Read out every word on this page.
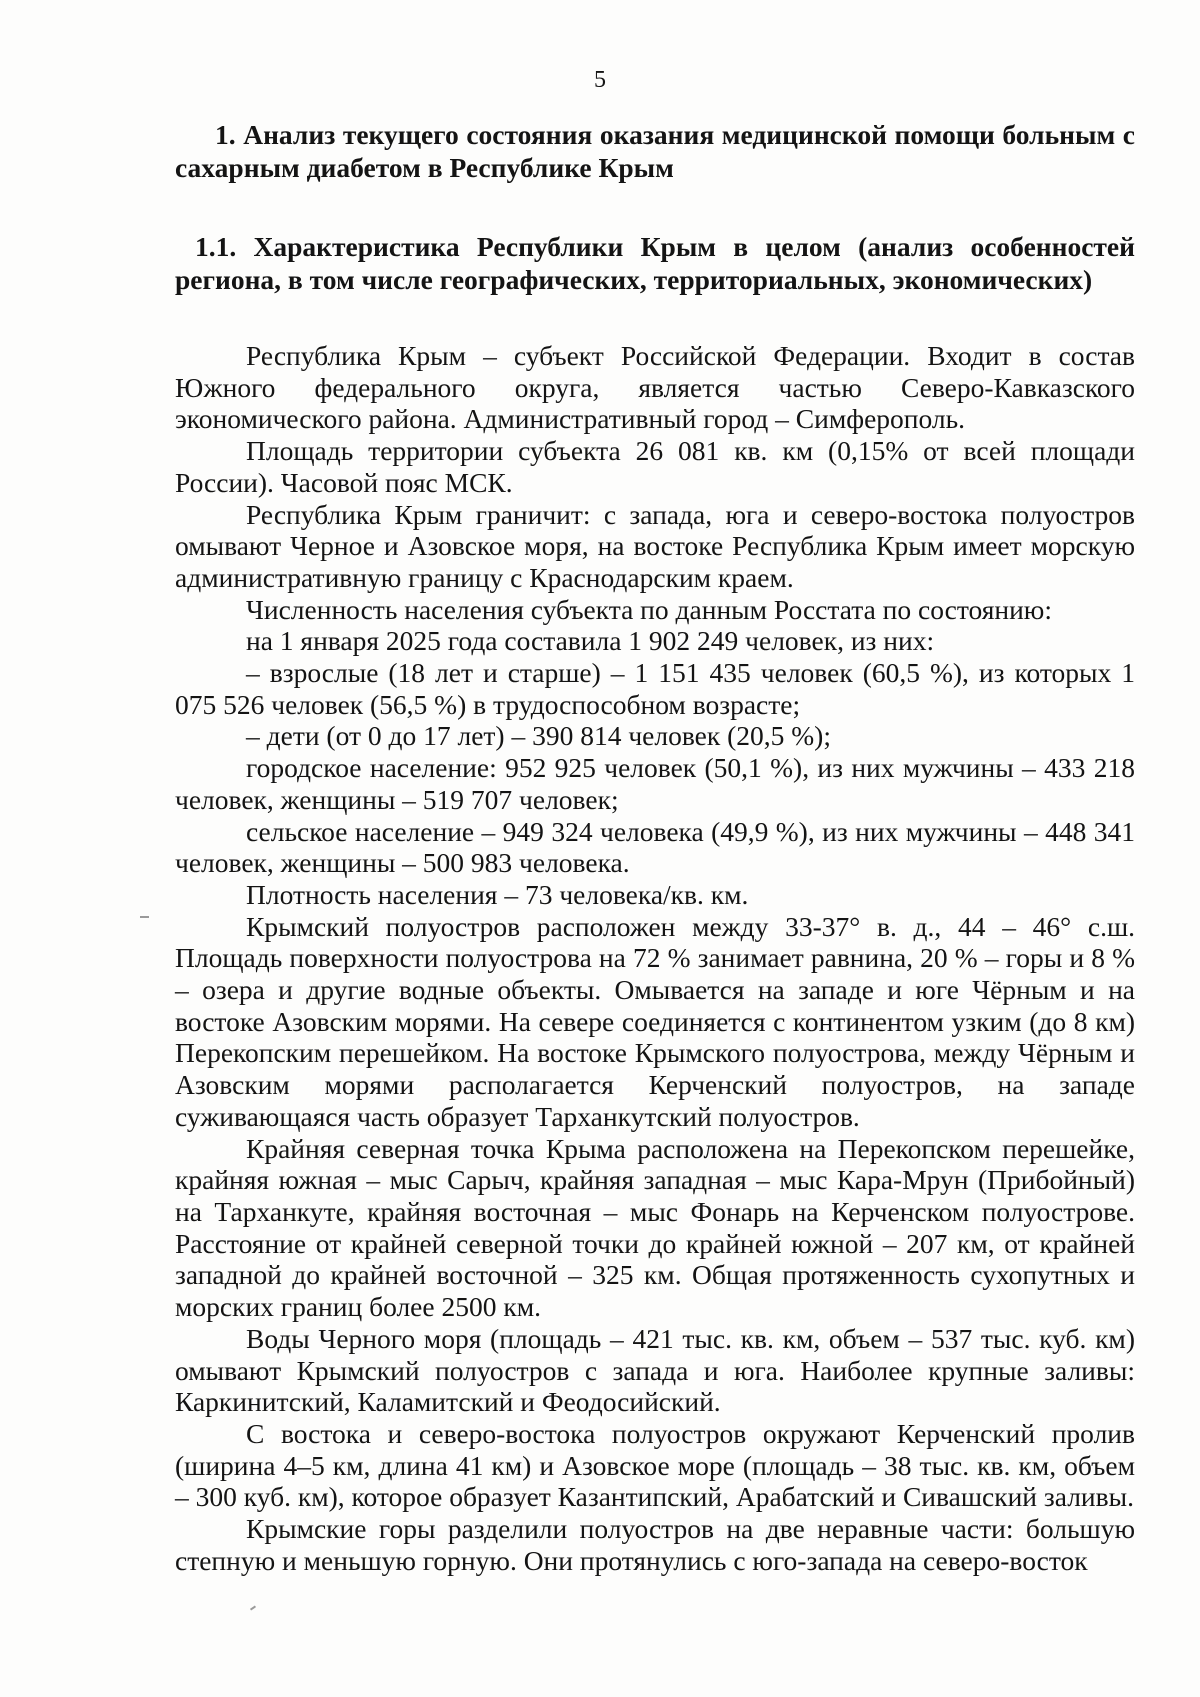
5

1. Анализ текущего состояния оказания медицинской помощи больным с сахарным диабетом в Республике Крым

1.1. Характеристика Республики Крым в целом (анализ особенностей региона, в том числе географических, территориальных, экономических)

Республика Крым – субъект Российской Федерации. Входит в состав Южного федерального округа, является частью Северо-Кавказского экономического района. Административный город – Симферополь.

Площадь территории субъекта 26 081 кв. км (0,15% от всей площади России). Часовой пояс МСК.

Республика Крым граничит: с запада, юга и северо-востока полуостров омывают Черное и Азовское моря, на востоке Республика Крым имеет морскую административную границу с Краснодарским краем.

Численность населения субъекта по данным Росстата по состоянию:

на 1 января 2025 года составила 1 902 249 человек, из них:

– взрослые (18 лет и старше) – 1 151 435 человек (60,5 %), из которых 1 075 526 человек (56,5 %) в трудоспособном возрасте;

– дети (от 0 до 17 лет) – 390 814 человек (20,5 %);

городское население: 952 925 человек (50,1 %), из них мужчины – 433 218 человек, женщины – 519 707 человек;

сельское население – 949 324 человека (49,9 %), из них мужчины – 448 341 человек, женщины – 500 983 человека.

Плотность населения – 73 человека/кв. км.

Крымский полуостров расположен между 33-37° в. д., 44 – 46° с.ш. Площадь поверхности полуострова на 72 % занимает равнина, 20 % – горы и 8 % – озера и другие водные объекты. Омывается на западе и юге Чёрным и на востоке Азовским морями. На севере соединяется с континентом узким (до 8 км) Перекопским перешейком. На востоке Крымского полуострова, между Чёрным и Азовским морями располагается Керченский полуостров, на западе суживающаяся часть образует Тарханкутский полуостров.

Крайняя северная точка Крыма расположена на Перекопском перешейке, крайняя южная – мыс Сарыч, крайняя западная – мыс Кара-Мрун (Прибойный) на Тарханкуте, крайняя восточная – мыс Фонарь на Керченском полуострове. Расстояние от крайней северной точки до крайней южной – 207 км, от крайней западной до крайней восточной – 325 км. Общая протяженность сухопутных и морских границ более 2500 км.

Воды Черного моря (площадь – 421 тыс. кв. км, объем – 537 тыс. куб. км) омывают Крымский полуостров с запада и юга. Наиболее крупные заливы: Каркинитский, Каламитский и Феодосийский.

С востока и северо-востока полуостров окружают Керченский пролив (ширина 4–5 км, длина 41 км) и Азовское море (площадь – 38 тыс. кв. км, объем – 300 куб. км), которое образует Казантипский, Арабатский и Сивашский заливы.

Крымские горы разделили полуостров на две неравные части: большую степную и меньшую горную. Они протянулись с юго-запада на северо-восток
